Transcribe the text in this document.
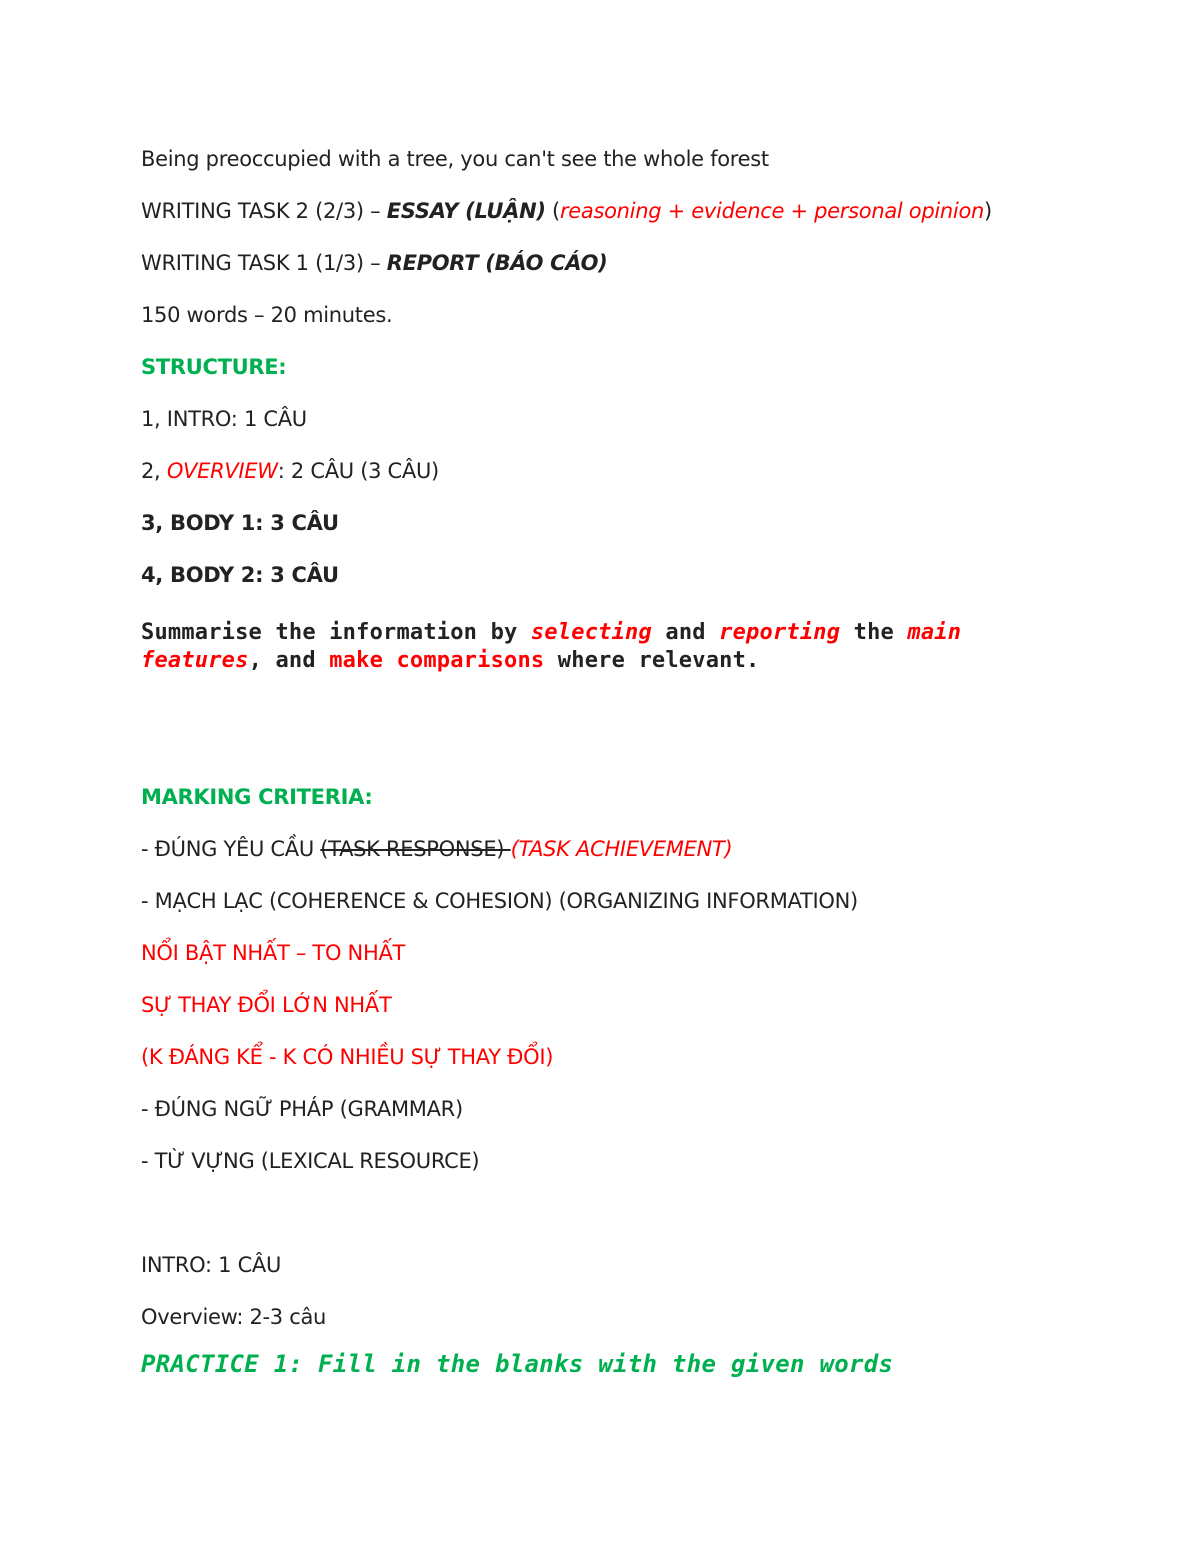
Being preoccupied with a tree, you can't see the whole forest
WRITING TASK 2 (2/3) – ESSAY (LUẬN) (reasoning + evidence + personal opinion)
WRITING TASK 1 (1/3) – REPORT (BÁO CÁO)
150 words – 20 minutes.
STRUCTURE:
1, INTRO: 1 CÂU
2, OVERVIEW: 2 CÂU (3 CÂU)
3, BODY 1: 3 CÂU
4, BODY 2: 3 CÂU
Summarise the information by selecting and reporting the main features, and make comparisons where relevant.
MARKING CRITERIA:
- ĐÚNG YÊU CẦU (TASK RESPONSE) (TASK ACHIEVEMENT)
- MẠCH LẠC (COHERENCE & COHESION) (ORGANIZING INFORMATION)
NỔI BẬT NHẤT – TO NHẤT
SỰ THAY ĐỔI LỚN NHẤT
(K ĐÁNG KỂ - K CÓ NHIỀU SỰ THAY ĐỔI)
- ĐÚNG NGỮ PHÁP (GRAMMAR)
- TỪ VỰNG (LEXICAL RESOURCE)
INTRO: 1 CÂU
Overview: 2-3 câu
PRACTICE 1: Fill in the blanks with the given words
